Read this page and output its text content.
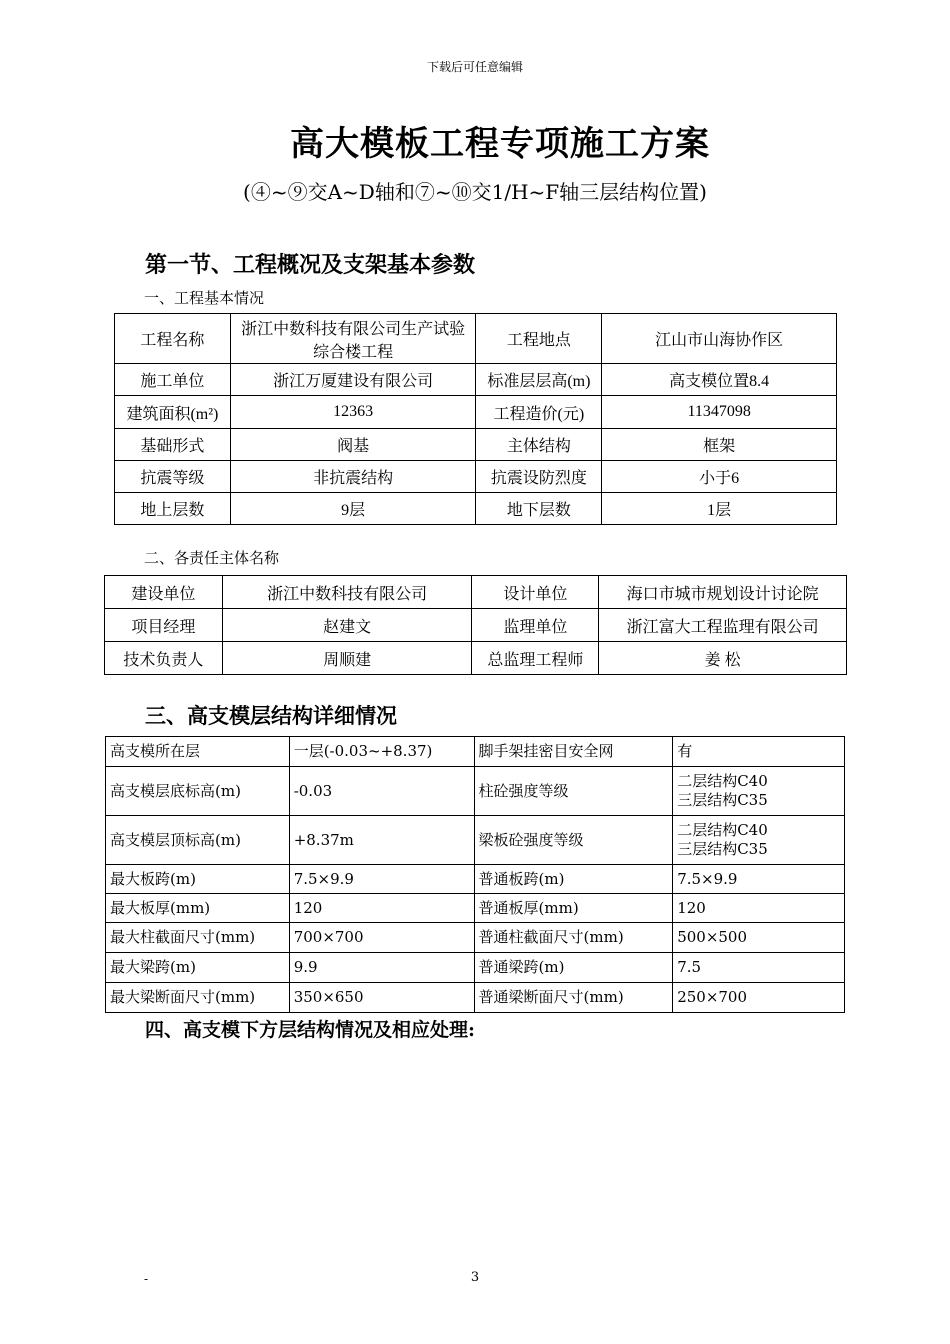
下载后可任意编辑
高大模板工程专项施工方案
(④~⑨交A~D轴和⑦~⑩交1/H~F轴三层结构位置)
第一节、工程概况及支架基本参数
一、工程基本情况
工程名称	浙江中数科技有限公司生产试验综合楼工程	工程地点	江山市山海协作区
施工单位	浙江万厦建设有限公司	标准层层高(m)	高支模位置8.4
建筑面积(m²)	12363	工程造价(元)	11347098
基础形式	阀基	主体结构	框架
抗震等级	非抗震结构	抗震设防烈度	小于6
地上层数	9层	地下层数	1层
二、各责任主体名称
建设单位	浙江中数科技有限公司	设计单位	海口市城市规划设计讨论院
项目经理	赵建文	监理单位	浙江富大工程监理有限公司
技术负责人	周顺建	总监理工程师	姜 松
三、高支模层结构详细情况
高支模所在层	一层(-0.03~+8.37)	脚手架挂密目安全网	有
高支模层底标高(m)	-0.03	柱砼强度等级	二层结构C40
三层结构C35
高支模层顶标高(m)	+8.37m	梁板砼强度等级	二层结构C40
三层结构C35
最大板跨(m)	7.5×9.9	普通板跨(m)	7.5×9.9
最大板厚(mm)	120	普通板厚(mm)	120
最大柱截面尺寸(mm)	700×700	普通柱截面尺寸(mm)	500×500
最大梁跨(m)	9.9	普通梁跨(m)	7.5
最大梁断面尺寸(mm)	350×650	普通梁断面尺寸(mm)	250×700
四、高支模下方层结构情况及相应处理:
-	3
